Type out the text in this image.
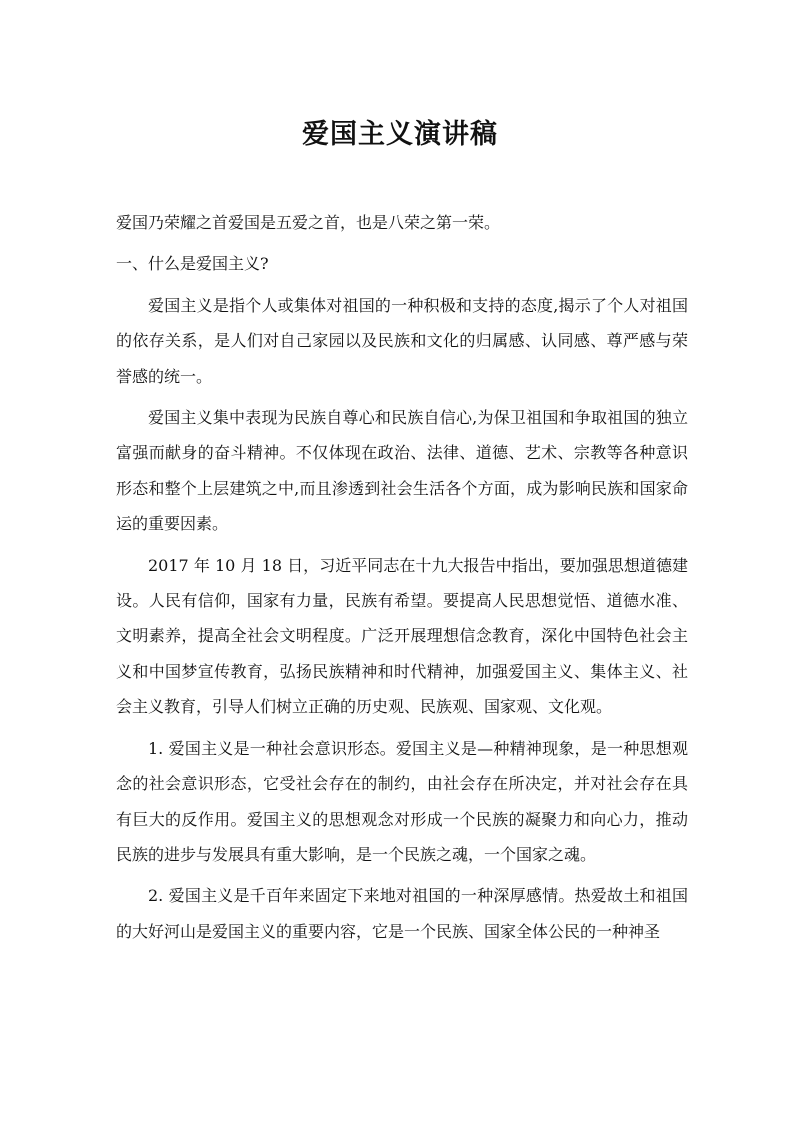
爱国主义演讲稿

爱国乃荣耀之首爱国是五爱之首，也是八荣之第一荣。

一、什么是爱国主义?

爱国主义是指个人或集体对祖国的一种积极和支持的态度,揭示了个人对祖国的依存关系，是人们对自己家园以及民族和文化的归属感、认同感、尊严感与荣誉感的统一。

爱国主义集中表现为民族自尊心和民族自信心,为保卫祖国和争取祖国的独立富强而献身的奋斗精神。不仅体现在政治、法律、道德、艺术、宗教等各种意识形态和整个上层建筑之中,而且渗透到社会生活各个方面，成为影响民族和国家命运的重要因素。

2017 年 10 月 18 日，习近平同志在十九大报告中指出，要加强思想道德建设。人民有信仰，国家有力量，民族有希望。要提高人民思想觉悟、道德水准、文明素养，提高全社会文明程度。广泛开展理想信念教育，深化中国特色社会主义和中国梦宣传教育，弘扬民族精神和时代精神，加强爱国主义、集体主义、社会主义教育，引导人们树立正确的历史观、民族观、国家观、文化观。

1. 爱国主义是一种社会意识形态。爱国主义是—种精神现象，是一种思想观念的社会意识形态，它受社会存在的制约，由社会存在所决定，并对社会存在具有巨大的反作用。爱国主义的思想观念对形成一个民族的凝聚力和向心力，推动民族的进步与发展具有重大影响，是一个民族之魂，一个国家之魂。

2. 爱国主义是千百年来固定下来地对祖国的一种深厚感情。热爱故土和祖国的大好河山是爱国主义的重要内容，它是一个民族、国家全体公民的一种神圣
